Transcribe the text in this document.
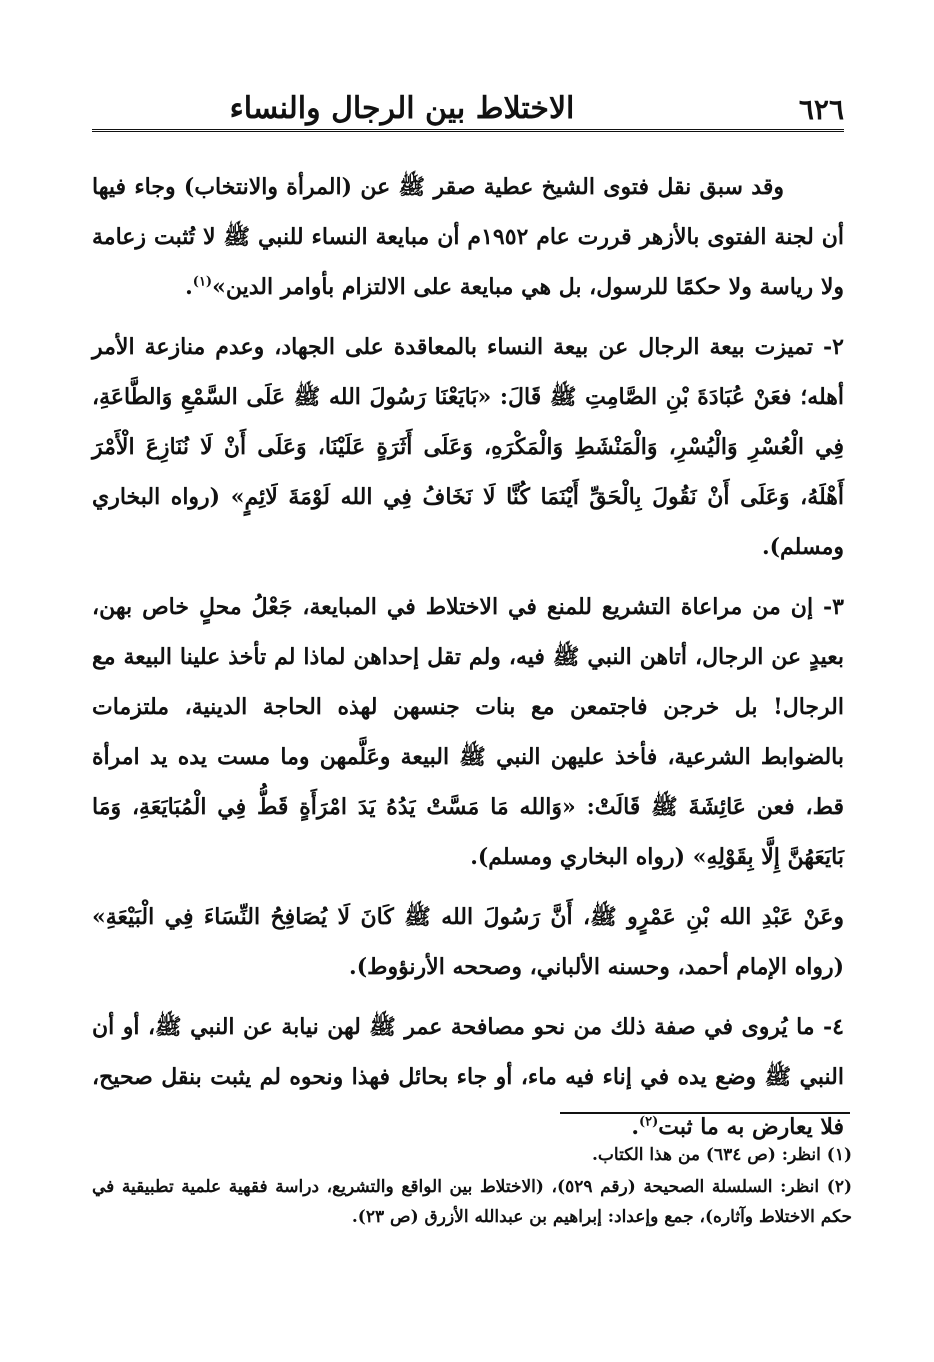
٦٢٦
الاختلاط بين الرجال والنساء

وقد سبق نقل فتوى الشيخ عطية صقر ﷺ عن (المرأة والانتخاب) وجاء فيها أن لجنة الفتوى بالأزهر قررت عام ١٩٥٢م أن مبايعة النساء للنبي ﷺ لا تُثبت زعامة ولا رياسة ولا حكمًا للرسول، بل هي مبايعة على الالتزام بأوامر الدين»$^{(١)}$.

٢- تميزت بيعة الرجال عن بيعة النساء بالمعاقدة على الجهاد، وعدم منازعة الأمر أهله؛ فعَنْ عُبَادَةَ بْنِ الصَّامِتِ ﷺ قَالَ: «بَايَعْنَا رَسُولَ الله ﷺ عَلَى السَّمْعِ وَالطَّاعَةِ، فِي الْعُسْرِ وَالْيُسْرِ، وَالْمَنْشَطِ وَالْمَكْرَهِ، وَعَلَى أَثَرَةٍ عَلَيْنَا، وَعَلَى أَنْ لَا نُنَازِعَ الْأَمْرَ أَهْلَهُ، وَعَلَى أَنْ نَقُولَ بِالْحَقِّ أَيْنَمَا كُنَّا لَا نَخَافُ فِي الله لَوْمَةَ لَائِمٍ» (رواه البخاري ومسلم).

٣- إن من مراعاة التشريع للمنع في الاختلاط في المبايعة، جَعْلُ محلٍ خاص بهن، بعيدٍ عن الرجال، أتاهن النبي ﷺ فيه، ولم تقل إحداهن لماذا لم تأخذ علينا البيعة مع الرجال! بل خرجن فاجتمعن مع بنات جنسهن لهذه الحاجة الدينية، ملتزمات بالضوابط الشرعية، فأخذ عليهن النبي ﷺ البيعة وعَلَّمهن وما مست يده يد امرأة قط، فعن عَائِشَةَ ﷺ قَالَتْ: «وَالله مَا مَسَّتْ يَدُهُ يَدَ امْرَأَةٍ قَطُّ فِي الْمُبَايَعَةِ، وَمَا بَايَعَهُنَّ إِلَّا بِقَوْلِهِ» (رواه البخاري ومسلم).

وعَنْ عَبْدِ الله بْنِ عَمْرٍو ﷺ، أَنَّ رَسُولَ الله ﷺ كَانَ لَا يُصَافِحُ النِّسَاءَ فِي الْبَيْعَةِ» (رواه الإمام أحمد، وحسنه الألباني، وصححه الأرنؤوط).

٤- ما يُروى في صفة ذلك من نحو مصافحة عمر ﷺ لهن نيابة عن النبي ﷺ، أو أن النبي ﷺ وضع يده في إناء فيه ماء، أو جاء بحائل فهذا ونحوه لم يثبت بنقل صحيح، فلا يعارض به ما ثبت$^{(٢)}$.

(١) انظر: (ص ٦٣٤) من هذا الكتاب.

(٢) انظر: السلسلة الصحيحة (رقم ٥٢٩)، (الاختلاط بين الواقع والتشريع، دراسة فقهية علمية تطبيقية في حكم الاختلاط وآثاره)، جمع وإعداد: إبراهيم بن عبدالله الأزرق (ص ٢٣).
